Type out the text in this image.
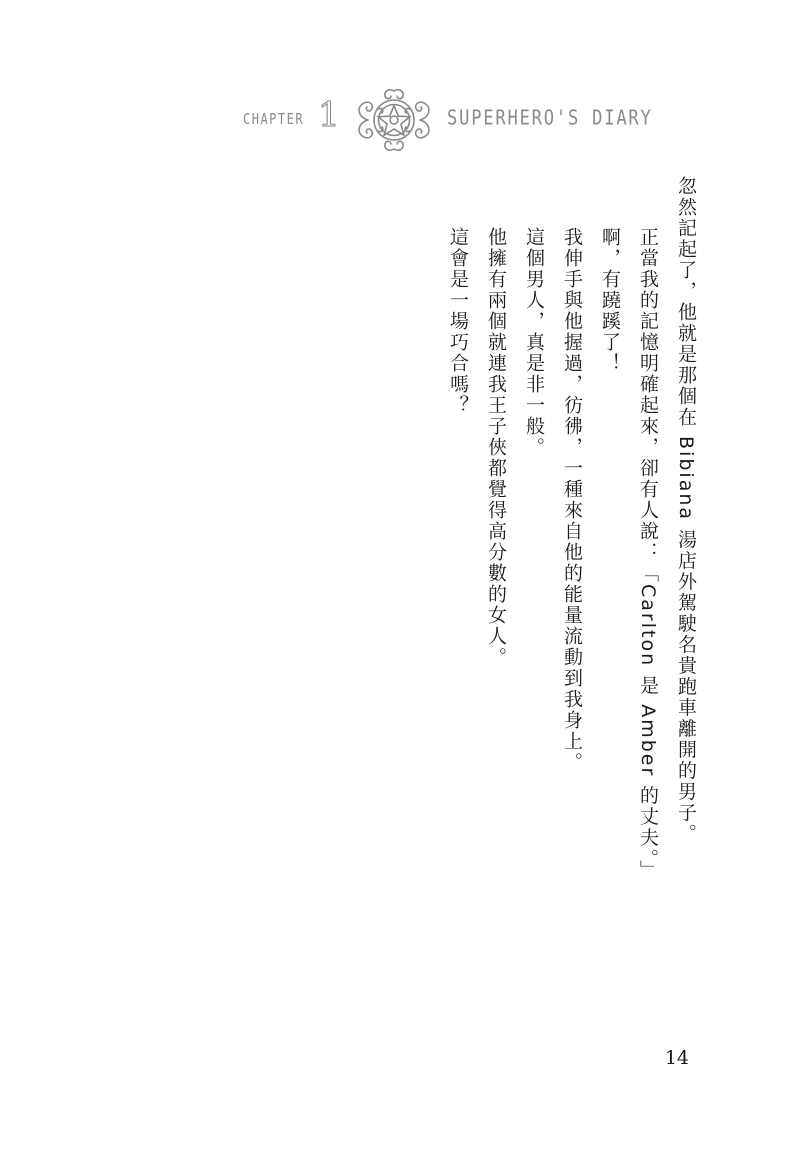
CHAPTER 1	SUPERHERO'S DIARY

忽然記起了，他就是那個在 Bibiana 湯店外駕駛名貴跑車離開的男子。

正當我的記憶明確起來，卻有人說：「Carlton 是 Amber 的丈夫。」

啊，有蹺蹊了！

我伸手與他握過，彷彿，一種來自他的能量流動到我身上。

這個男人，真是非一般。

他擁有兩個就連我王子俠都覺得高分數的女人。

這會是一場巧合嗎？

14
